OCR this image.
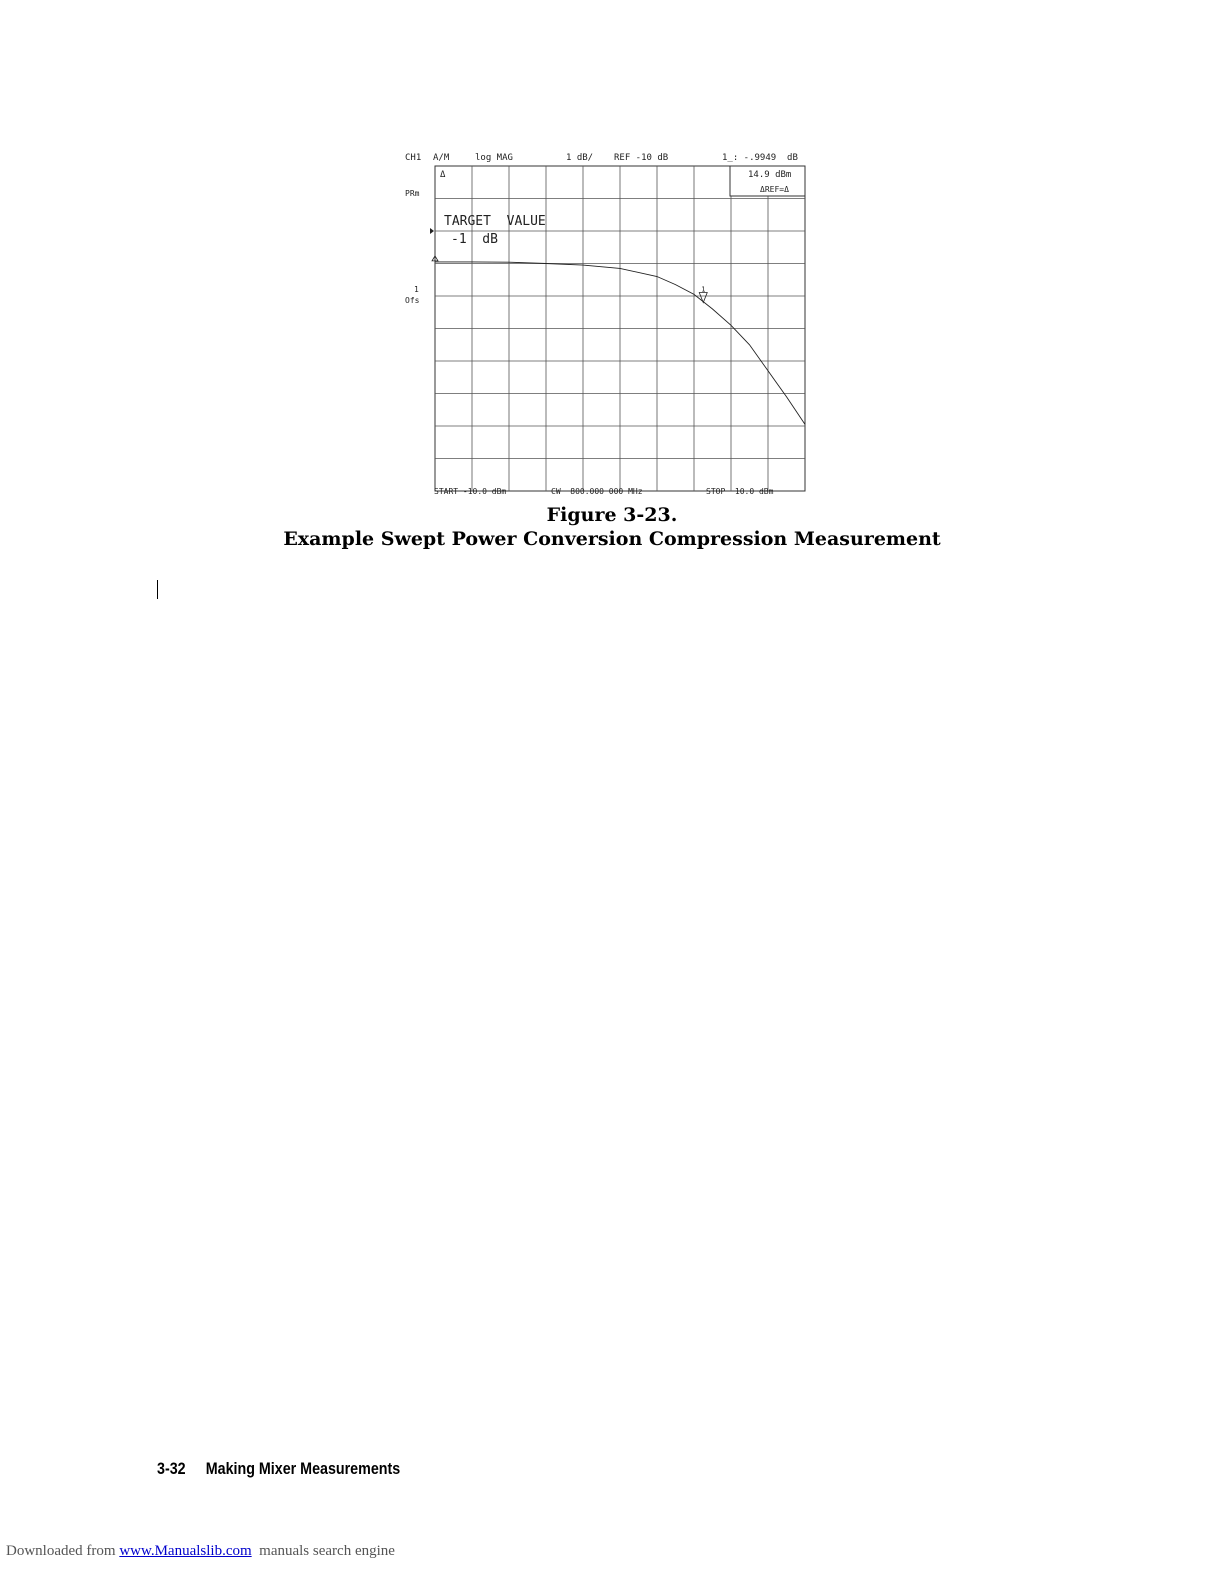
CH1 A/M	log MAG	1 dB/ REF -10 dB	1_: -.9949  dB
Δ	14.9 dBm
ΔREF=Δ
PRm
1
Ofs
TARGET  VALUE
-1  dB
1
START -10.0 dBm	CW  800.000 000 MHz	STOP  10.0 dBm
Figure 3-23.
Example Swept Power Conversion Compression Measurement
3-32 Making Mixer Measurements
Downloaded from www.Manualslib.com  manuals search engine
